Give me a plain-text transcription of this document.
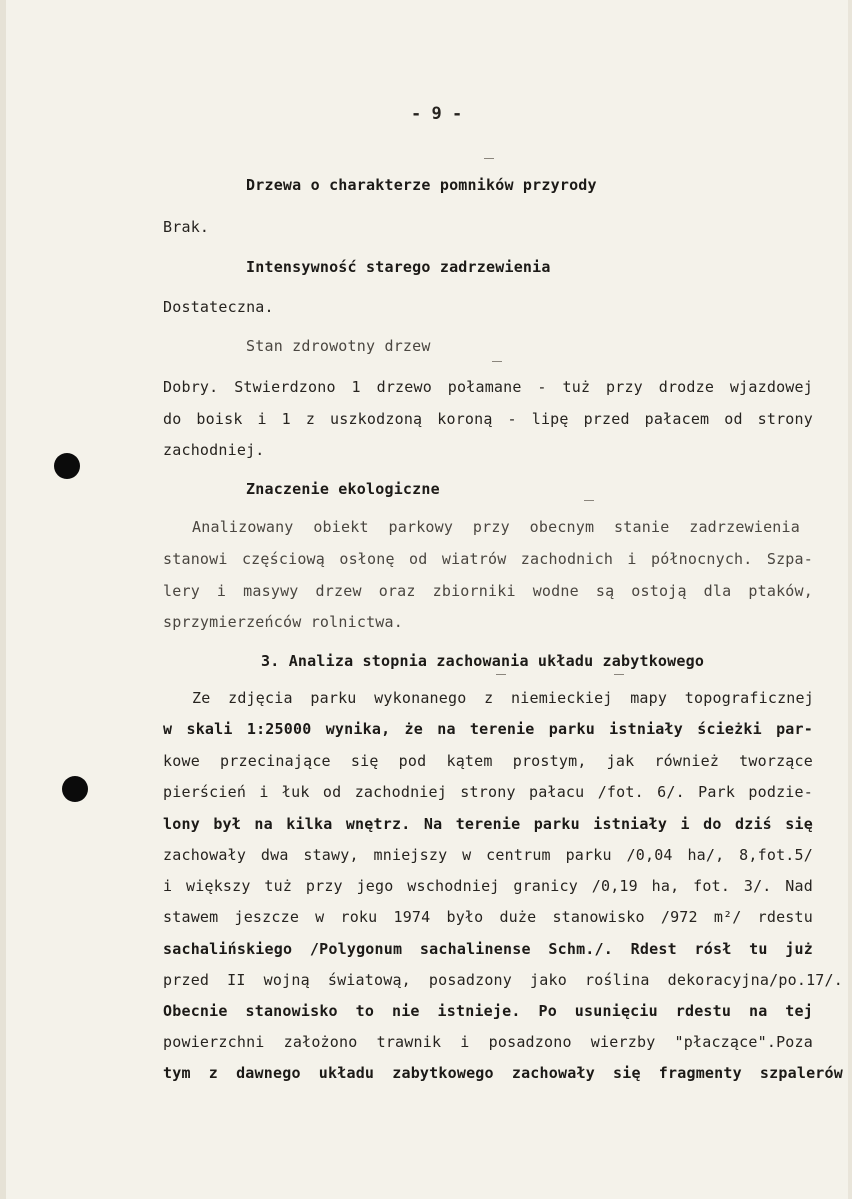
- 9 -
Drzewa o charakterze pomników przyrody
Brak.
Intensywność starego zadrzewienia
Dostateczna.
Stan zdrowotny drzew
Dobry. Stwierdzono 1 drzewo połamane - tuż przy drodze wjazdowej
do boisk i 1 z uszkodzoną koroną - lipę przed pałacem od strony
zachodniej.
Znaczenie ekologiczne
Analizowany obiekt parkowy przy obecnym stanie zadrzewienia
stanowi częściową osłonę od wiatrów zachodnich i północnych. Szpa-
lery i masywy drzew oraz zbiorniki wodne są ostoją dla ptaków,
sprzymierzeńców rolnictwa.
3. Analiza stopnia zachowania układu zabytkowego
Ze zdjęcia parku wykonanego z niemieckiej mapy topograficznej
w skali 1:25000 wynika, że na terenie parku istniały ścieżki par-
kowe przecinające się pod kątem prostym, jak również tworzące
pierścień i łuk od zachodniej strony pałacu /fot. 6/. Park podzie-
lony był na kilka wnętrz. Na terenie parku istniały i do dziś się
zachowały dwa stawy, mniejszy w centrum parku /0,04 ha/, 8,fot.5/
i większy tuż przy jego wschodniej granicy /0,19 ha, fot. 3/. Nad
stawem jeszcze w roku 1974 było duże stanowisko /972 m²/ rdestu
sachalińskiego /Polygonum sachalinense Schm./. Rdest rósł tu już
przed II wojną światową, posadzony jako roślina dekoracyjna/po.17/.
Obecnie stanowisko to nie istnieje. Po usunięciu rdestu na tej
powierzchni założono trawnik i posadzono wierzby "płaczące".Poza
tym z dawnego układu zabytkowego zachowały się fragmenty szpalerów
